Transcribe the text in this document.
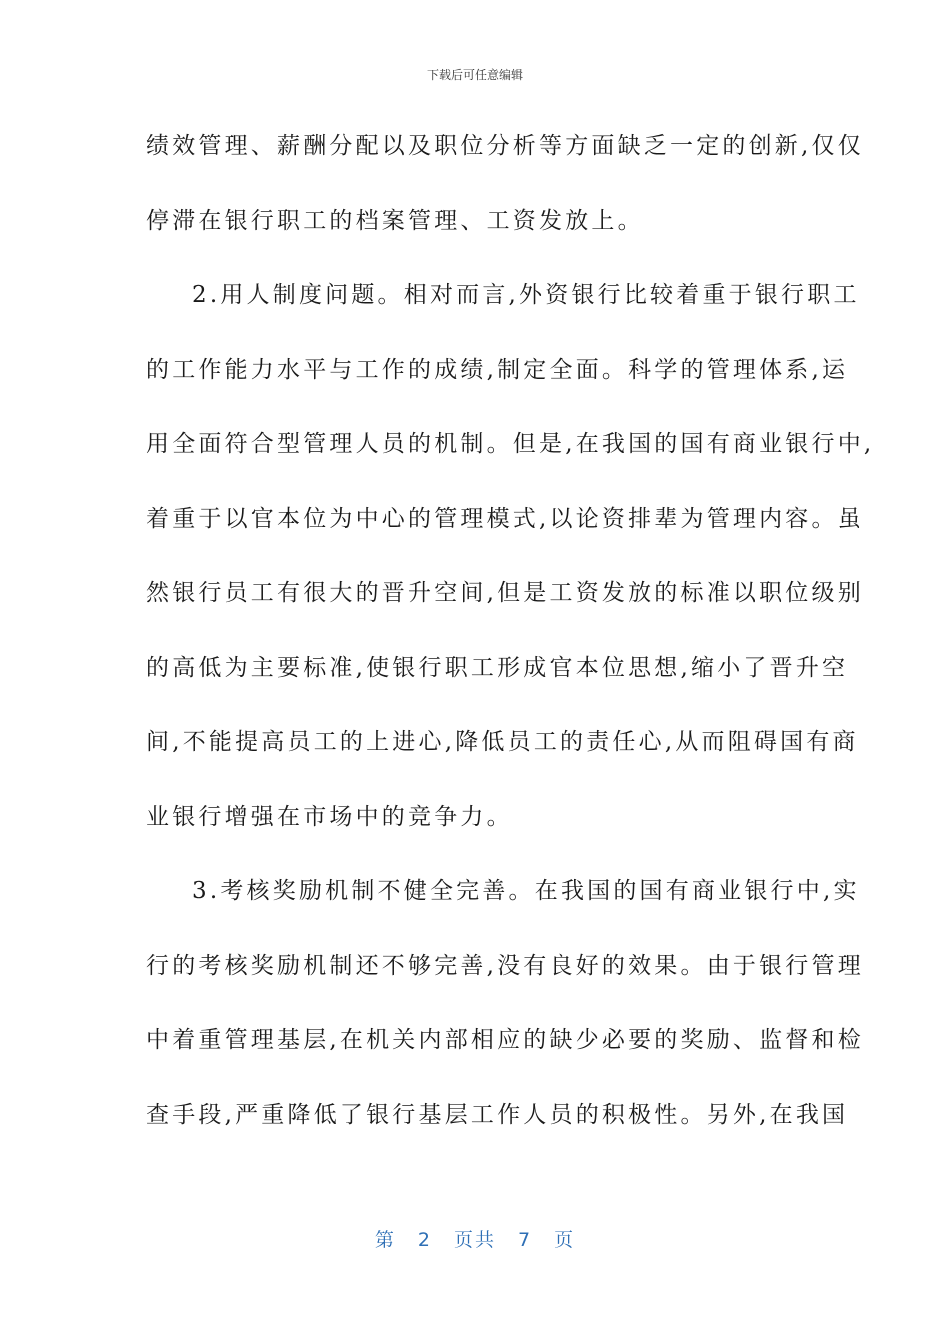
下载后可任意编辑
绩效管理、薪酬分配以及职位分析等方面缺乏一定的创新,仅仅
停滞在银行职工的档案管理、工资发放上。
2.用人制度问题。相对而言,外资银行比较着重于银行职工
的工作能力水平与工作的成绩,制定全面。科学的管理体系,运
用全面符合型管理人员的机制。但是,在我国的国有商业银行中,
着重于以官本位为中心的管理模式,以论资排辈为管理内容。虽
然银行员工有很大的晋升空间,但是工资发放的标准以职位级别
的高低为主要标准,使银行职工形成官本位思想,缩小了晋升空
间,不能提高员工的上进心,降低员工的责任心,从而阻碍国有商
业银行增强在市场中的竞争力。
3.考核奖励机制不健全完善。在我国的国有商业银行中,实
行的考核奖励机制还不够完善,没有良好的效果。由于银行管理
中着重管理基层,在机关内部相应的缺少必要的奖励、监督和检
查手段,严重降低了银行基层工作人员的积极性。另外,在我国
第 2 页共 7 页
